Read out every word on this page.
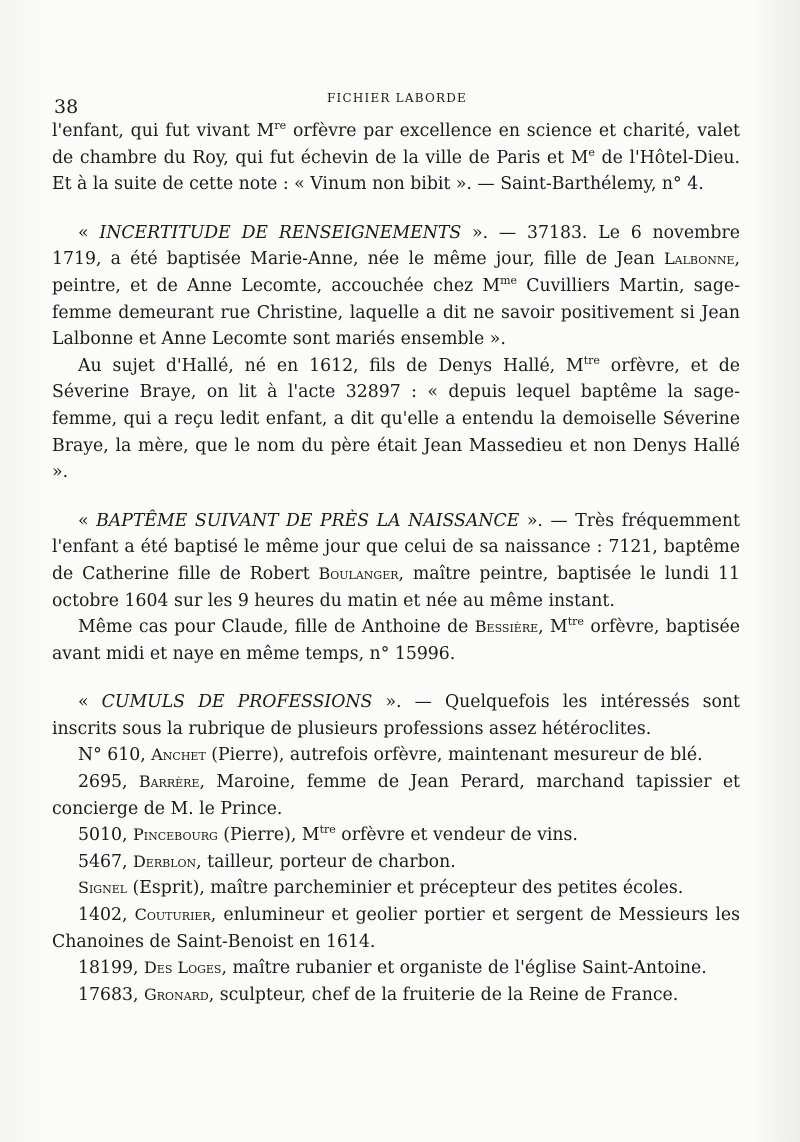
38	FICHIER LABORDE

l'enfant, qui fut vivant Mre orfèvre par excellence en science et charité, valet de chambre du Roy, qui fut échevin de la ville de Paris et Me de l'Hôtel-Dieu. Et à la suite de cette note : « Vinum non bibit ». — Saint-Barthélemy, n° 4.

« INCERTITUDE DE RENSEIGNEMENTS ». — 37183. Le 6 novembre 1719, a été baptisée Marie-Anne, née le même jour, fille de Jean Lalbonne, peintre, et de Anne Lecomte, accouchée chez $M^{me}$ Cuvilliers Martin, sage-femme demeurant rue Christine, laquelle a dit ne savoir positivement si Jean Lalbonne et Anne Lecomte sont mariés ensemble ».

Au sujet d'Hallé, né en 1612, fils de Denys Hallé, $M^{tre}$ orfèvre, et de Séverine Braye, on lit à l'acte 32897 : « depuis lequel baptême la sage-femme, qui a reçu ledit enfant, a dit qu'elle a entendu la demoiselle Séverine Braye, la mère, que le nom du père était Jean Massedieu et non Denys Hallé ».

« BAPTÊME SUIVANT DE PRÈS LA NAISSANCE ». — Très fréquemment l'enfant a été baptisé le même jour que celui de sa naissance : 7121, baptême de Catherine fille de Robert Boulanger, maître peintre, baptisée le lundi 11 octobre 1604 sur les 9 heures du matin et née au même instant.

Même cas pour Claude, fille de Anthoine de Bessière, $M^{tre}$ orfèvre, baptisée avant midi et naye en même temps, n° 15996.

« CUMULS DE PROFESSIONS ». — Quelquefois les intéressés sont inscrits sous la rubrique de plusieurs professions assez hétéroclites.

N° 610, Anchet (Pierre), autrefois orfèvre, maintenant mesureur de blé.

2695, Barrère, Maroine, femme de Jean Perard, marchand tapissier et concierge de M. le Prince.

5010, Pincebourg (Pierre), $M^{tre}$ orfèvre et vendeur de vins.

5467, Derblon, tailleur, porteur de charbon.

Signel (Esprit), maître parcheminier et précepteur des petites écoles.

1402, Couturier, enlumineur et geolier portier et sergent de Messieurs les Chanoines de Saint-Benoist en 1614.

18199, Des Loges, maître rubanier et organiste de l'église Saint-Antoine.

17683, Gronard, sculpteur, chef de la fruiterie de la Reine de France.
